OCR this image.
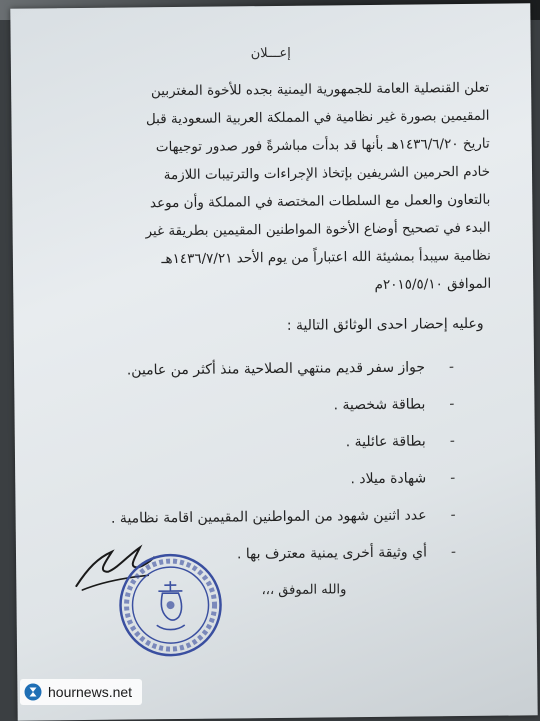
إعـــلان
تعلن القنصلية العامة للجمهورية اليمنية بجده للأخوة المغتربين
المقيمين بصورة غير نظامية في المملكة العربية السعودية قبل
تاريخ ١٤٣٦/٦/٢٠هـ بأنها قد بدأت مباشرةً فور صدور توجيهات
خادم الحرمين الشريفين بإتخاذ الإجراءات والترتيبات اللازمة
بالتعاون والعمل مع السلطات المختصة في المملكة وأن موعد
البدء في تصحيح أوضاع الأخوة المواطنين المقيمين بطريقة غير
نظامية سيبدأ بمشيئة الله اعتباراً من يوم الأحد ١٤٣٦/٧/٢١هـ
الموافق ٢٠١٥/٥/١٠م
وعليه إحضار احدى الوثائق التالية :
-جواز سفر قديم منتهي الصلاحية منذ أكثر من عامين.
-بطاقة شخصية .
-بطاقة عائلية .
-شهادة ميلاد .
-عدد اثنين شهود من المواطنين المقيمين اقامة نظامية .
-أي وثيقة أخرى يمنية معترف بها .
والله الموفق ،،،
hournews.net
